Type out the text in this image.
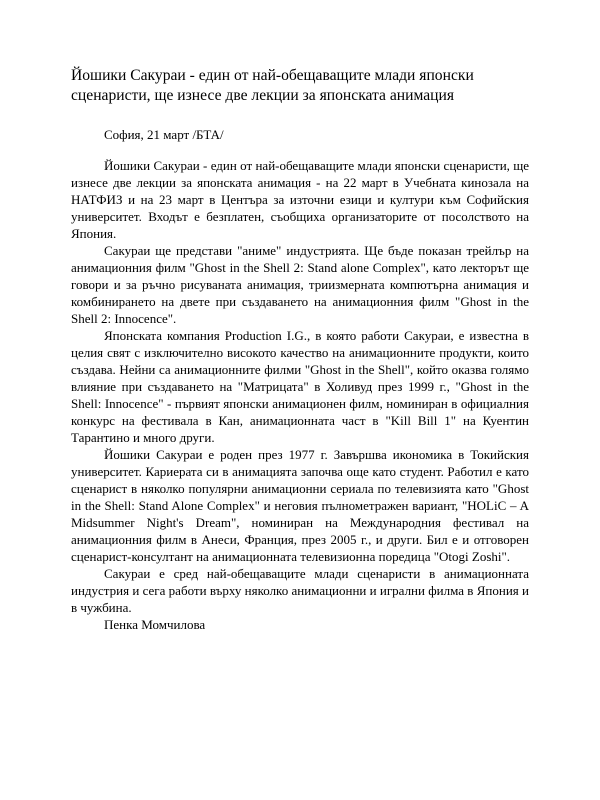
Йошики Сакураи - един от най-обещаващите млади японски сценаристи, ще изнесе две лекции за японската анимация

София, 21 март /БТА/

Йошики Сакураи - един от най-обещаващите млади японски сценаристи, ще изнесе две лекции за японската анимация - на 22 март в Учебната кинозала на НАТФИЗ и на 23 март в Центъра за източни езици и култури към Софийския университет. Входът е безплатен, съобщиха организаторите от посолството на Япония.

Сакураи ще представи "аниме" индустрията. Ще бъде показан трейлър на анимационния филм "Ghost in the Shell 2: Stand alone Complex", като лекторът ще говори и за ръчно рисуваната анимация, триизмерната компютърна анимация и комбинирането на двете при създаването на анимационния филм "Ghost in the Shell 2: Innocence".

Японската компания Production I.G., в която работи Сакураи, е известна в целия свят с изключително високото качество на анимационните продукти, които създава. Нейни са анимационните филми "Ghost in the Shell", който оказва голямо влияние при създаването на "Матрицата" в Холивуд през 1999 г., "Ghost in the Shell: Innocence" - първият японски анимационен филм, номиниран в официалния конкурс на фестивала в Кан, анимационната част в "Kill Bill 1" на Куентин Тарантино и много други.

Йошики Сакураи е роден през 1977 г. Завършва икономика в Токийския университет. Кариерата си в анимацията започва още като студент. Работил е като сценарист в няколко популярни анимационни сериала по телевизията като "Ghost in the Shell: Stand Alone Complex" и неговия пълнометражен вариант, "HOLiC – A Midsummer Night's Dream", номиниран на Международния фестивал на анимационния филм в Анеси, Франция, през 2005 г., и други. Бил е и отговорен сценарист-консултант на анимационната телевизионна поредица "Otogi Zoshi".

Сакураи е сред най-обещаващите млади сценаристи в анимационната индустрия и сега работи върху няколко анимационни и игрални филма в Япония и в чужбина.

Пенка Момчилова
